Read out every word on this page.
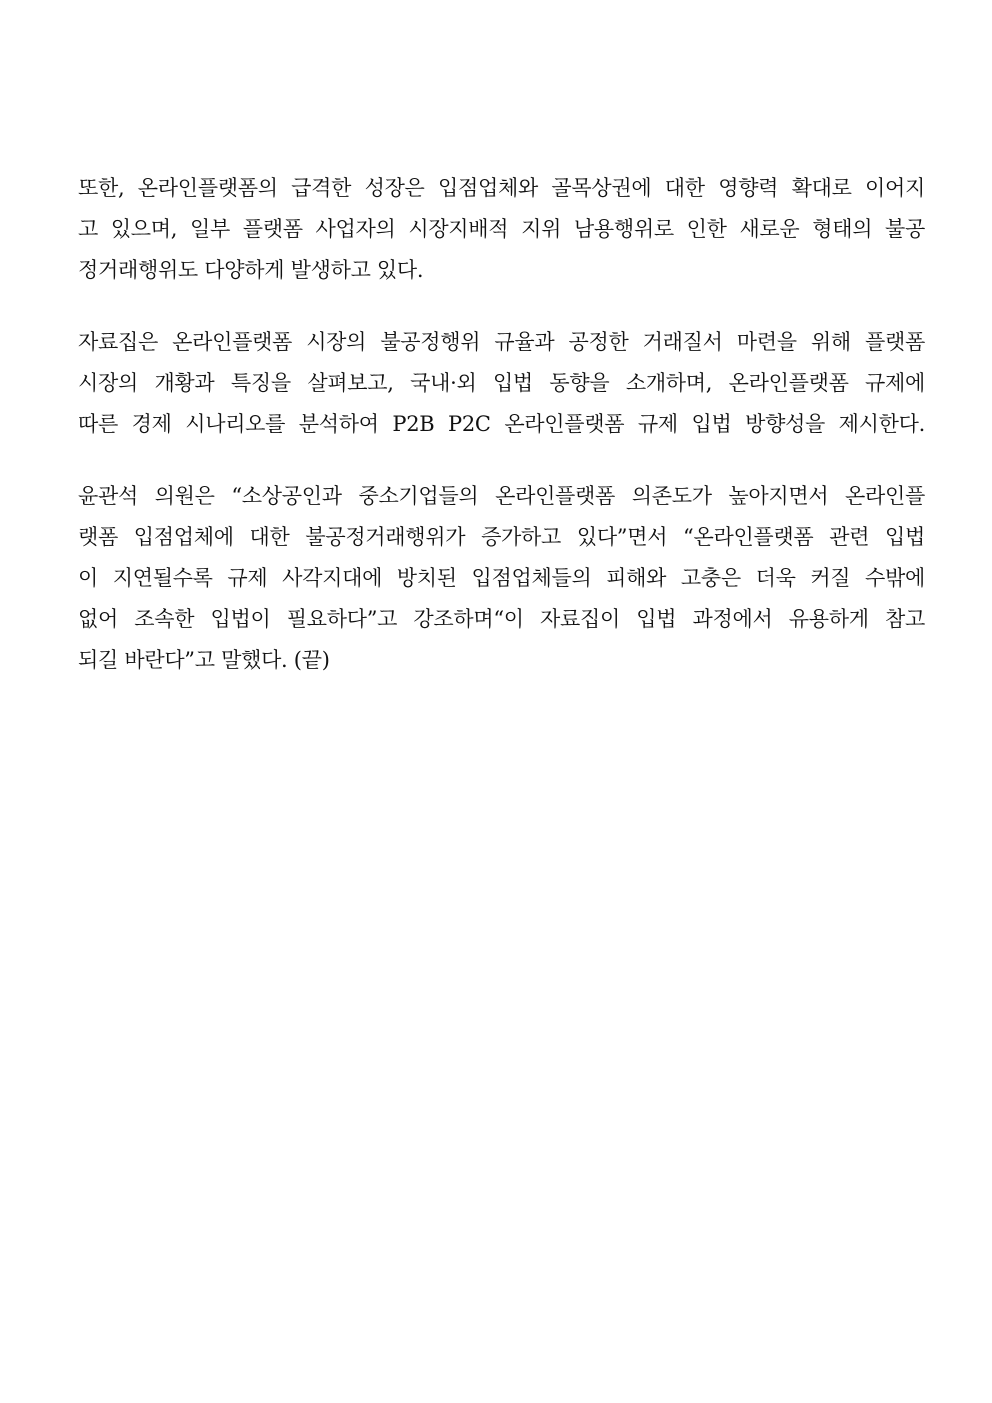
또한, 온라인플랫폼의 급격한 성장은 입점업체와 골목상권에 대한 영향력 확대로 이어지
고 있으며, 일부 플랫폼 사업자의 시장지배적 지위 남용행위로 인한 새로운 형태의 불공
정거래행위도 다양하게 발생하고 있다.

자료집은 온라인플랫폼 시장의 불공정행위 규율과 공정한 거래질서 마련을 위해 플랫폼
시장의 개황과 특징을 살펴보고, 국내·외 입법 동향을 소개하며, 온라인플랫폼 규제에
따른 경제 시나리오를 분석하여 P2B P2C 온라인플랫폼 규제 입법 방향성을 제시한다.

윤관석 의원은 “소상공인과 중소기업들의 온라인플랫폼 의존도가 높아지면서 온라인플
랫폼 입점업체에 대한 불공정거래행위가 증가하고 있다”면서 “온라인플랫폼 관련 입법
이 지연될수록 규제 사각지대에 방치된 입점업체들의 피해와 고충은 더욱 커질 수밖에
없어 조속한 입법이 필요하다”고 강조하며“이 자료집이 입법 과정에서 유용하게 참고
되길 바란다”고 말했다. (끝)
